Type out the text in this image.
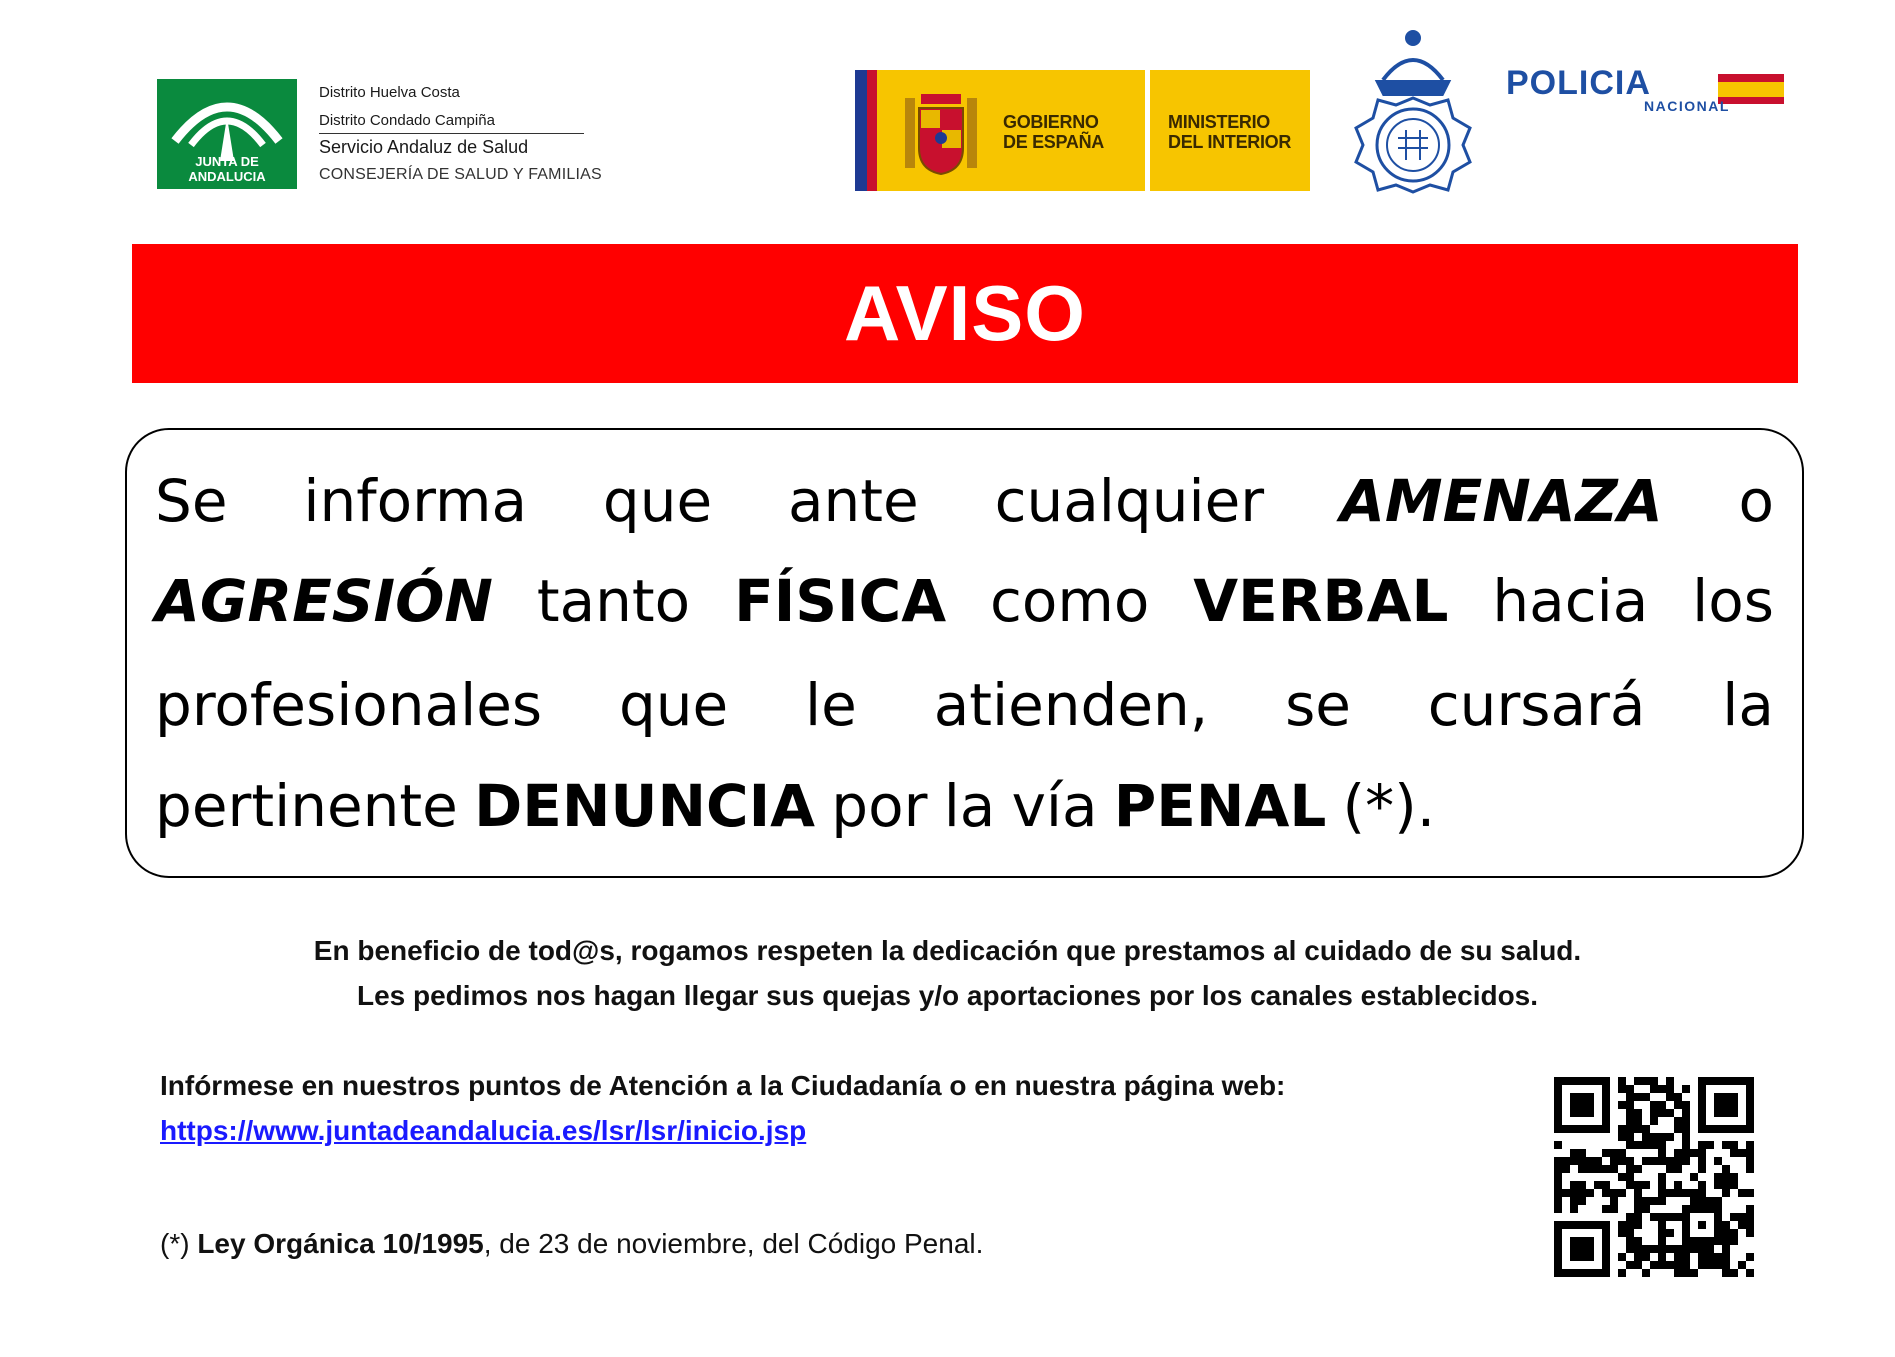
JUNTA DE ANDALUCIA
Distrito Huelva Costa
Distrito Condado Campiña
Servicio Andaluz de Salud
CONSEJERÍA DE SALUD Y FAMILIAS
GOBIERNO
DE ESPAÑA
MINISTERIO
DEL INTERIOR
POLICIA
NACIONAL
AVISO
Se informa que ante cualquier AMENAZA o
AGRESIÓN tanto FÍSICA como VERBAL hacia los
profesionales que le atienden, se cursará la
pertinente DENUNCIA por la vía PENAL (*).
En beneficio de tod@s, rogamos respeten la dedicación que prestamos al cuidado de su salud.
Les pedimos nos hagan llegar sus quejas y/o aportaciones por los canales establecidos.
Infórmese en nuestros puntos de Atención a la Ciudadanía o en nuestra página web:
https://www.juntadeandalucia.es/lsr/lsr/inicio.jsp
(*) Ley Orgánica 10/1995, de 23 de noviembre, del Código Penal.
